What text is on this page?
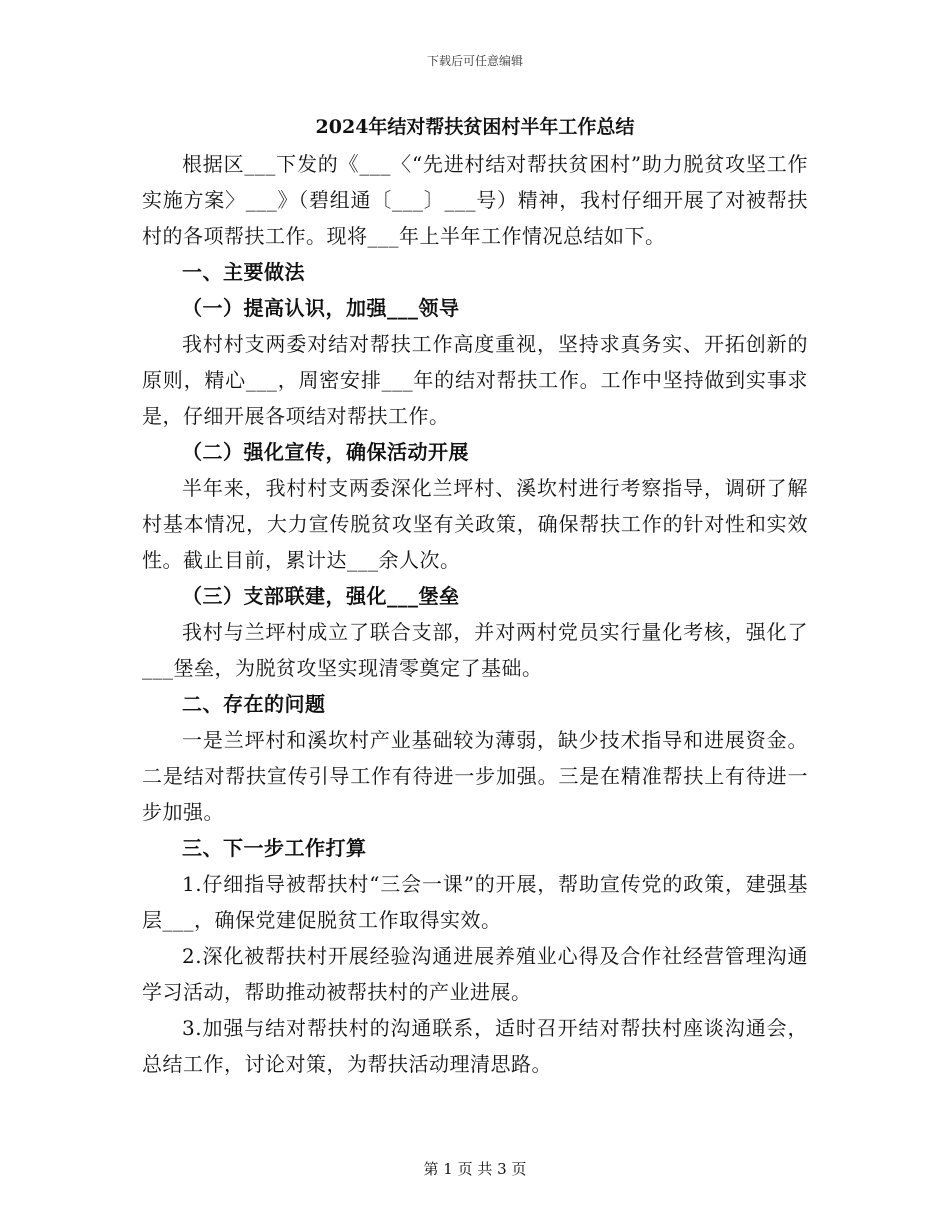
下载后可任意编辑
2024年结对帮扶贫困村半年工作总结

根据区___下发的《___〈“先进村结对帮扶贫困村”助力脱贫攻坚工作实施方案〉___》（碧组通〔___〕___号）精神，我村仔细开展了对被帮扶村的各项帮扶工作。现将___年上半年工作情况总结如下。

一、主要做法

（一）提高认识，加强___领导

我村村支两委对结对帮扶工作高度重视，坚持求真务实、开拓创新的原则，精心___，周密安排___年的结对帮扶工作。工作中坚持做到实事求是，仔细开展各项结对帮扶工作。

（二）强化宣传，确保活动开展

半年来，我村村支两委深化兰坪村、溪坎村进行考察指导，调研了解村基本情况，大力宣传脱贫攻坚有关政策，确保帮扶工作的针对性和实效性。截止目前，累计达___余人次。

（三）支部联建，强化___堡垒

我村与兰坪村成立了联合支部，并对两村党员实行量化考核，强化了___堡垒，为脱贫攻坚实现清零奠定了基础。

二、存在的问题

一是兰坪村和溪坎村产业基础较为薄弱，缺少技术指导和进展资金。二是结对帮扶宣传引导工作有待进一步加强。三是在精准帮扶上有待进一步加强。

三、下一步工作打算

1.仔细指导被帮扶村“三会一课”的开展，帮助宣传党的政策，建强基层___，确保党建促脱贫工作取得实效。

2.深化被帮扶村开展经验沟通进展养殖业心得及合作社经营管理沟通学习活动，帮助推动被帮扶村的产业进展。

3.加强与结对帮扶村的沟通联系，适时召开结对帮扶村座谈沟通会，总结工作，讨论对策，为帮扶活动理清思路。

第 1 页 共 3 页
